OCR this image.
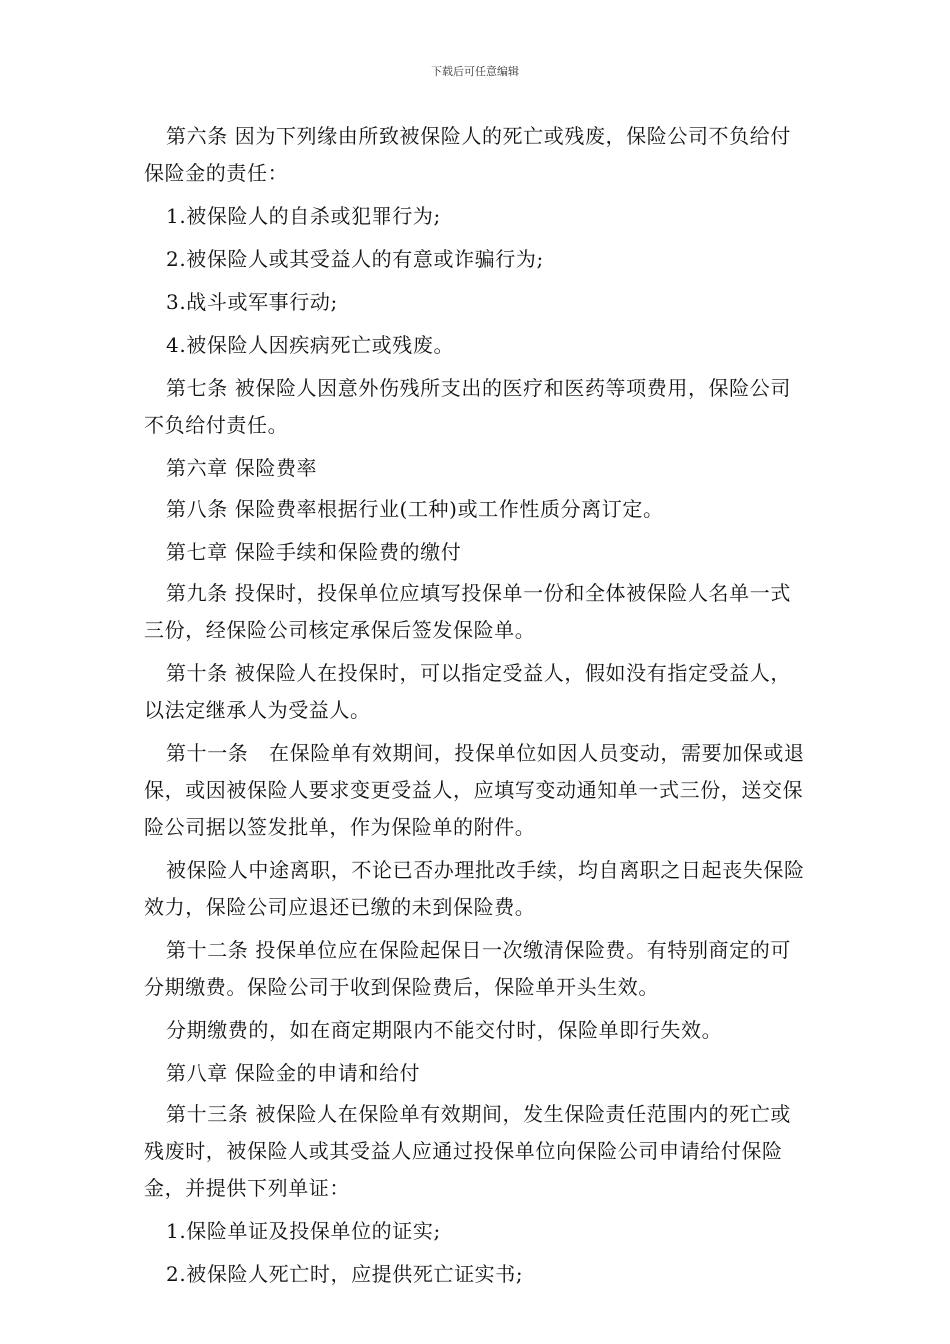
下载后可任意编辑

第六条 因为下列缘由所致被保险人的死亡或残废，保险公司不负给付保险金的责任：

1.被保险人的自杀或犯罪行为;

2.被保险人或其受益人的有意或诈骗行为;

3.战斗或军事行动;

4.被保险人因疾病死亡或残废。

第七条 被保险人因意外伤残所支出的医疗和医药等项费用，保险公司不负给付责任。

第六章 保险费率

第八条 保险费率根据行业(工种)或工作性质分离订定。

第七章 保险手续和保险费的缴付

第九条 投保时，投保单位应填写投保单一份和全体被保险人名单一式三份，经保险公司核定承保后签发保险单。

第十条 被保险人在投保时，可以指定受益人，假如没有指定受益人，以法定继承人为受益人。

第十一条　在保险单有效期间，投保单位如因人员变动，需要加保或退保，或因被保险人要求变更受益人，应填写变动通知单一式三份，送交保险公司据以签发批单，作为保险单的附件。

被保险人中途离职，不论已否办理批改手续，均自离职之日起丧失保险效力，保险公司应退还已缴的未到保险费。

第十二条 投保单位应在保险起保日一次缴清保险费。有特别商定的可分期缴费。保险公司于收到保险费后，保险单开头生效。

分期缴费的，如在商定期限内不能交付时，保险单即行失效。

第八章 保险金的申请和给付

第十三条 被保险人在保险单有效期间，发生保险责任范围内的死亡或残废时，被保险人或其受益人应通过投保单位向保险公司申请给付保险金，并提供下列单证：

1.保险单证及投保单位的证实;

2.被保险人死亡时，应提供死亡证实书;
